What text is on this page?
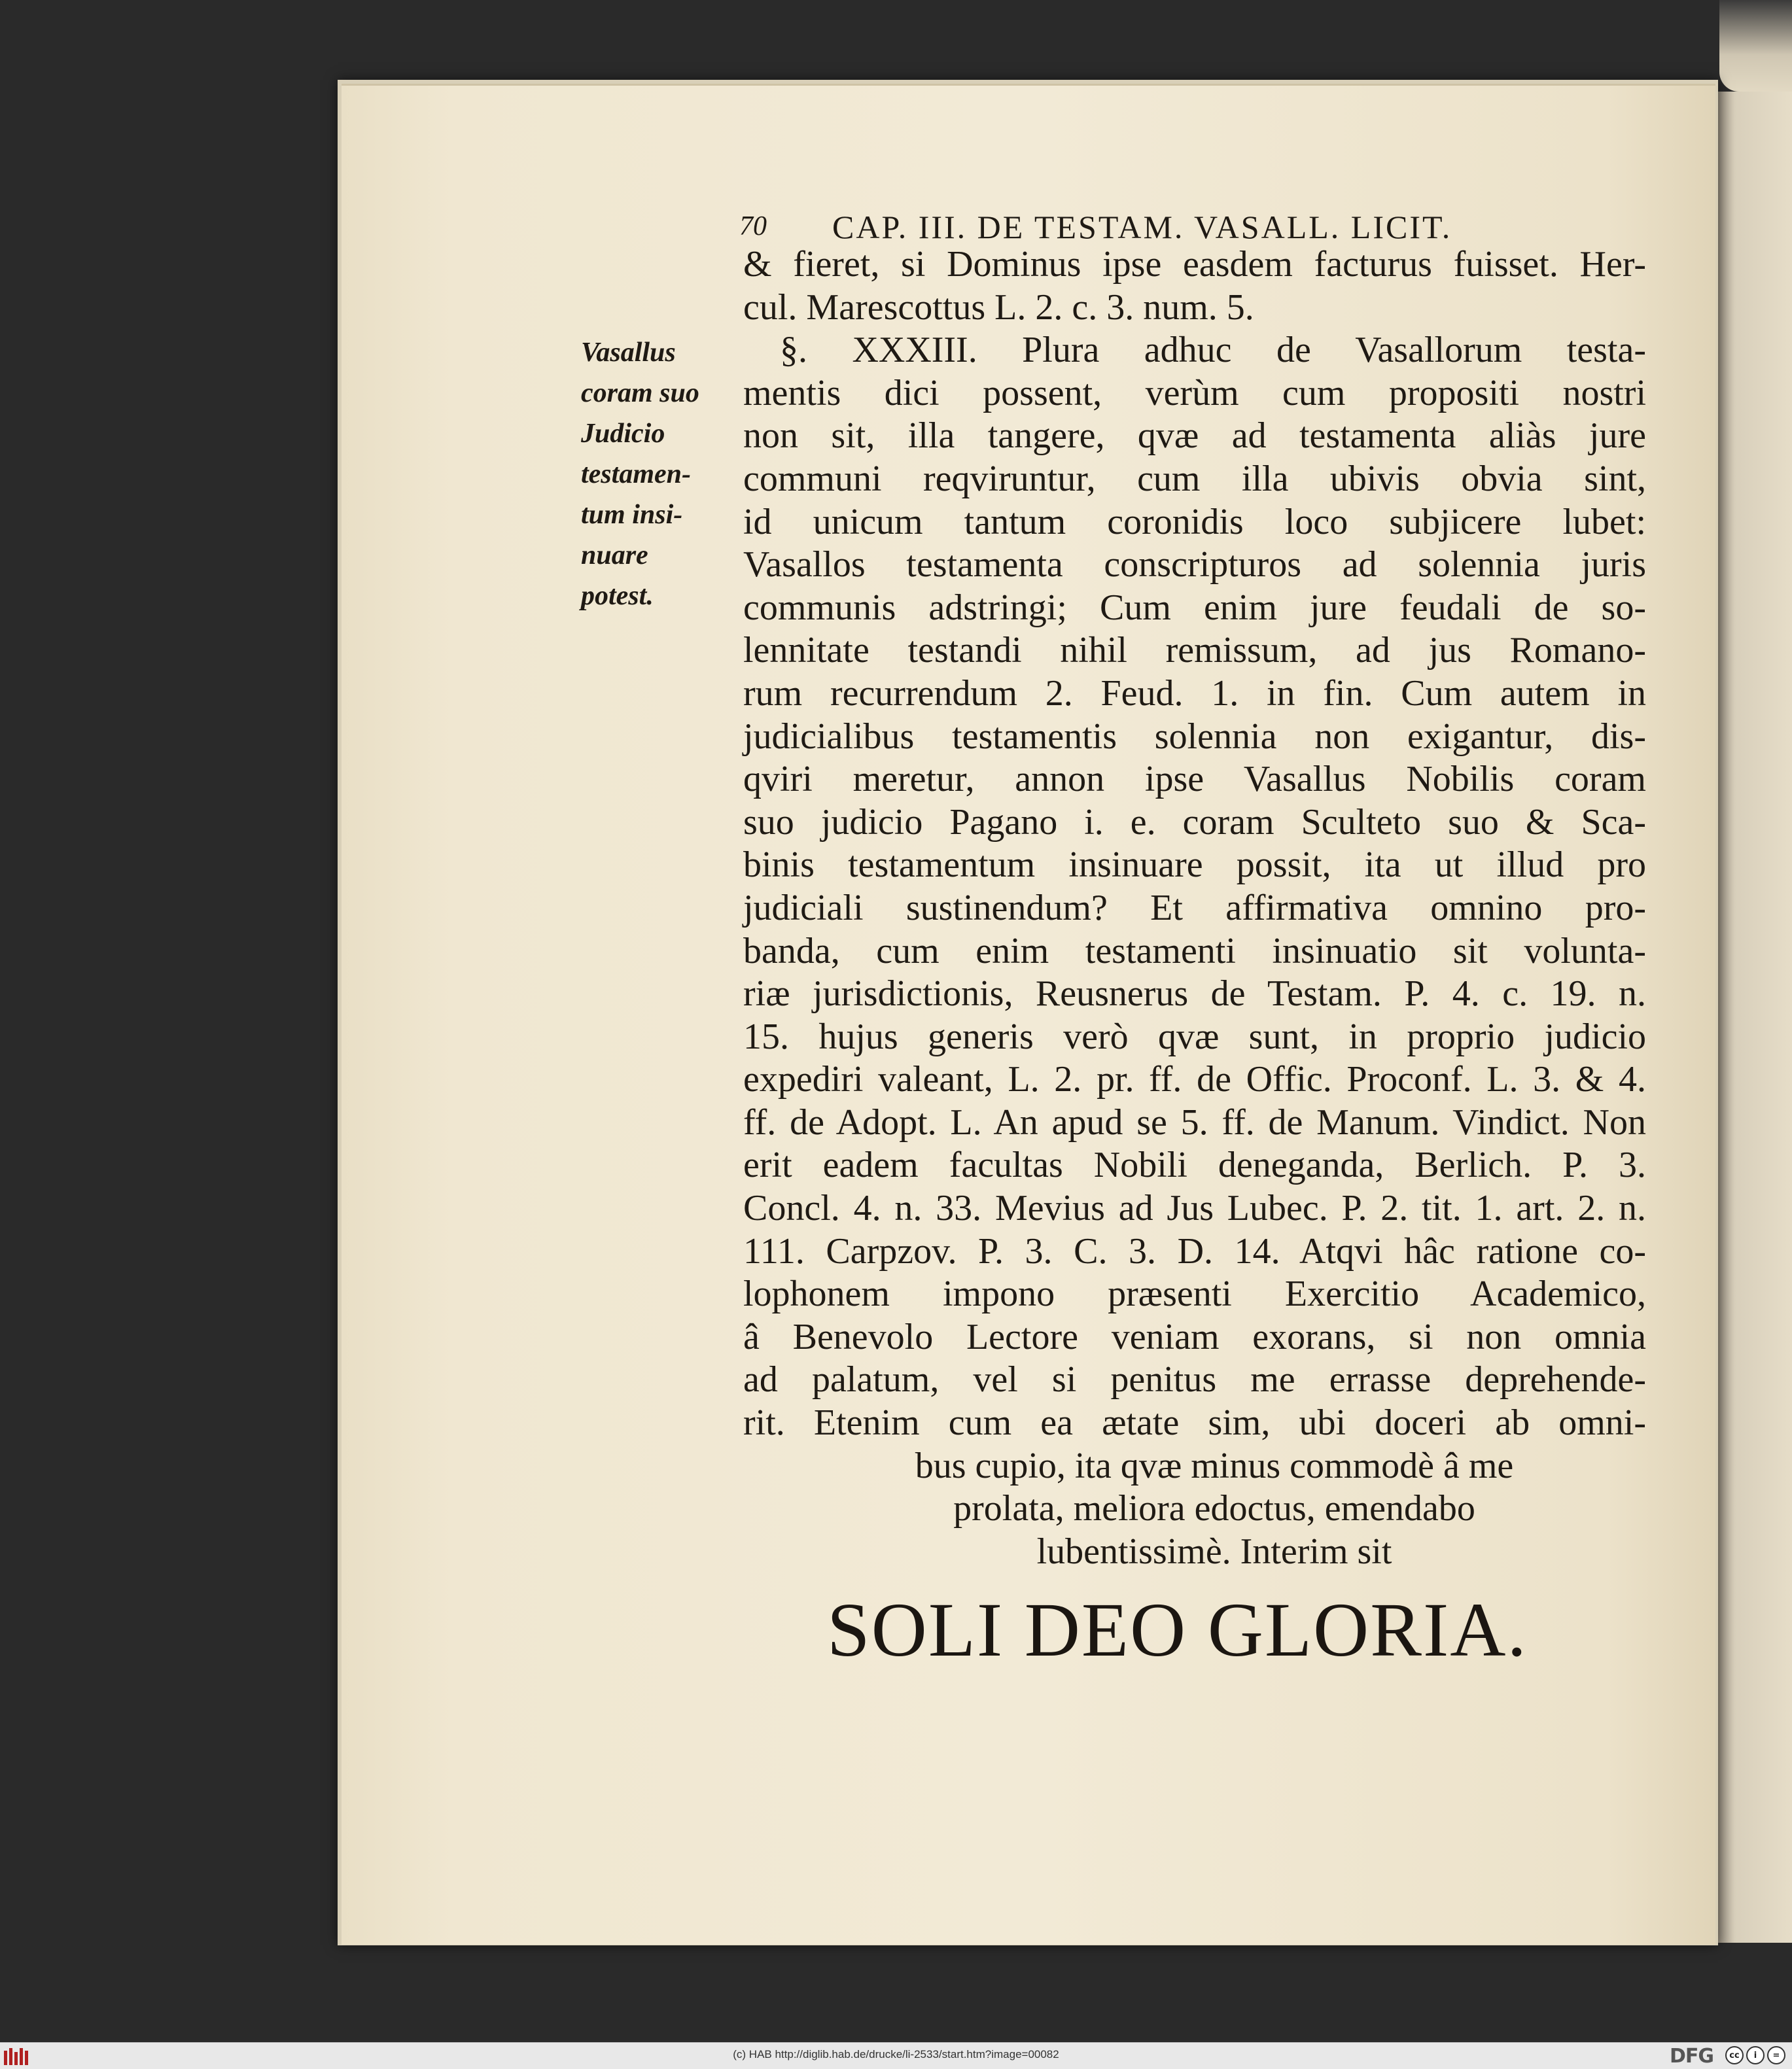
70 CAP. III. DE TESTAM. VASALL. LICIT.
Vasallus
coram suo
Judicio
testamen-
tum insi-
nuare
potest.
& fieret, si Dominus ipse easdem facturus fuisset. Her-
cul. Marescottus L. 2. c. 3. num. 5.
§. XXXIII. Plura adhuc de Vasallorum testa-
mentis dici possent, verùm cum propositi nostri
non sit, illa tangere, qvæ ad testamenta aliàs jure
communi reqviruntur, cum illa ubivis obvia sint,
id unicum tantum coronidis loco subjicere lubet:
Vasallos testamenta conscripturos ad solennia juris
communis adstringi; Cum enim jure feudali de so-
lennitate testandi nihil remissum, ad jus Romano-
rum recurrendum 2. Feud. 1. in fin. Cum autem in
judicialibus testamentis solennia non exigantur, dis-
qviri meretur, annon ipse Vasallus Nobilis coram
suo judicio Pagano i. e. coram Sculteto suo & Sca-
binis testamentum insinuare possit, ita ut illud pro
judiciali sustinendum? Et affirmativa omnino pro-
banda, cum enim testamenti insinuatio sit volunta-
riæ jurisdictionis, Reusnerus de Testam. P. 4. c. 19. n.
15. hujus generis verò qvæ sunt, in proprio judicio
expediri valeant, L. 2. pr. ff. de Offic. Proconf. L. 3. & 4.
ff. de Adopt. L. An apud se 5. ff. de Manum. Vindict. Non
erit eadem facultas Nobili deneganda, Berlich. P. 3.
Concl. 4. n. 33. Mevius ad Jus Lubec. P. 2. tit. 1. art. 2. n.
111. Carpzov. P. 3. C. 3. D. 14. Atqvi hâc ratione co-
lophonem impono præsenti Exercitio Academico,
â Benevolo Lectore veniam exorans, si non omnia
ad palatum, vel si penitus me errasse deprehende-
rit. Etenim cum ea ætate sim, ubi doceri ab omni-
bus cupio, ita qvæ minus commodè â me
prolata, meliora edoctus, emendabo
lubentissimè. Interim sit
SOLI DEO GLORIA.
(c) HAB http://diglib.hab.de/drucke/li-2533/start.htm?image=00082	DFG	cc	i	=
